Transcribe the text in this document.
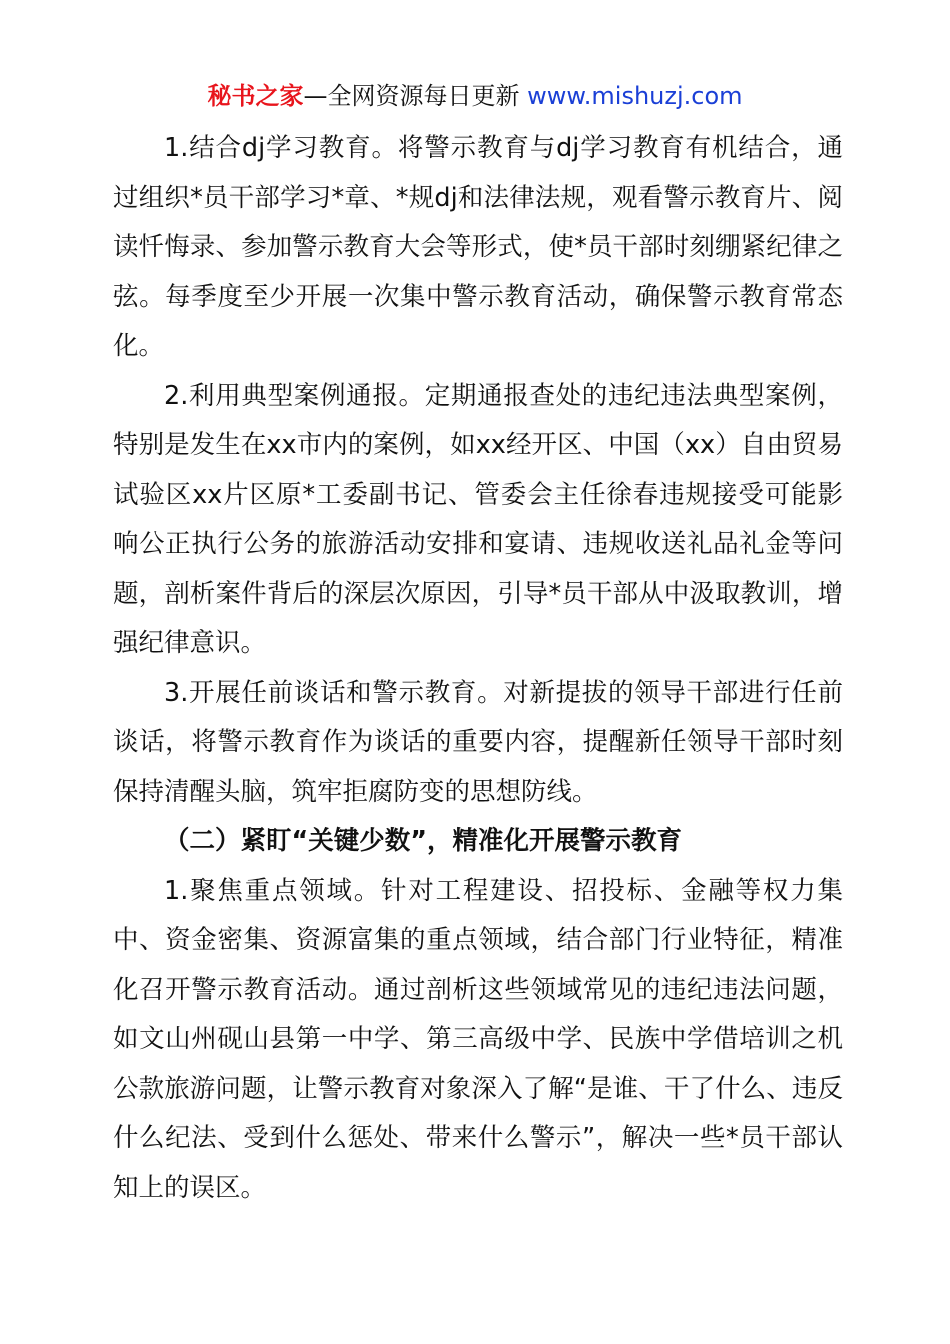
秘书之家—全网资源每日更新 www.mishuzj.com

1.结合dj学习教育。将警示教育与dj学习教育有机结合，通过组织*员干部学习*章、*规dj和法律法规，观看警示教育片、阅读忏悔录、参加警示教育大会等形式，使*员干部时刻绷紧纪律之弦。每季度至少开展一次集中警示教育活动，确保警示教育常态化。

2.利用典型案例通报。定期通报查处的违纪违法典型案例，特别是发生在xx市内的案例，如xx经开区、中国（xx）自由贸易试验区xx片区原*工委副书记、管委会主任徐春违规接受可能影响公正执行公务的旅游活动安排和宴请、违规收送礼品礼金等问题，剖析案件背后的深层次原因，引导*员干部从中汲取教训，增强纪律意识。

3.开展任前谈话和警示教育。对新提拔的领导干部进行任前谈话，将警示教育作为谈话的重要内容，提醒新任领导干部时刻保持清醒头脑，筑牢拒腐防变的思想防线。

（二）紧盯“关键少数”，精准化开展警示教育

1.聚焦重点领域。针对工程建设、招投标、金融等权力集中、资金密集、资源富集的重点领域，结合部门行业特征，精准化召开警示教育活动。通过剖析这些领域常见的违纪违法问题，如文山州砚山县第一中学、第三高级中学、民族中学借培训之机公款旅游问题，让警示教育对象深入了解“是谁、干了什么、违反什么纪法、受到什么惩处、带来什么警示”，解决一些*员干部认知上的误区。
